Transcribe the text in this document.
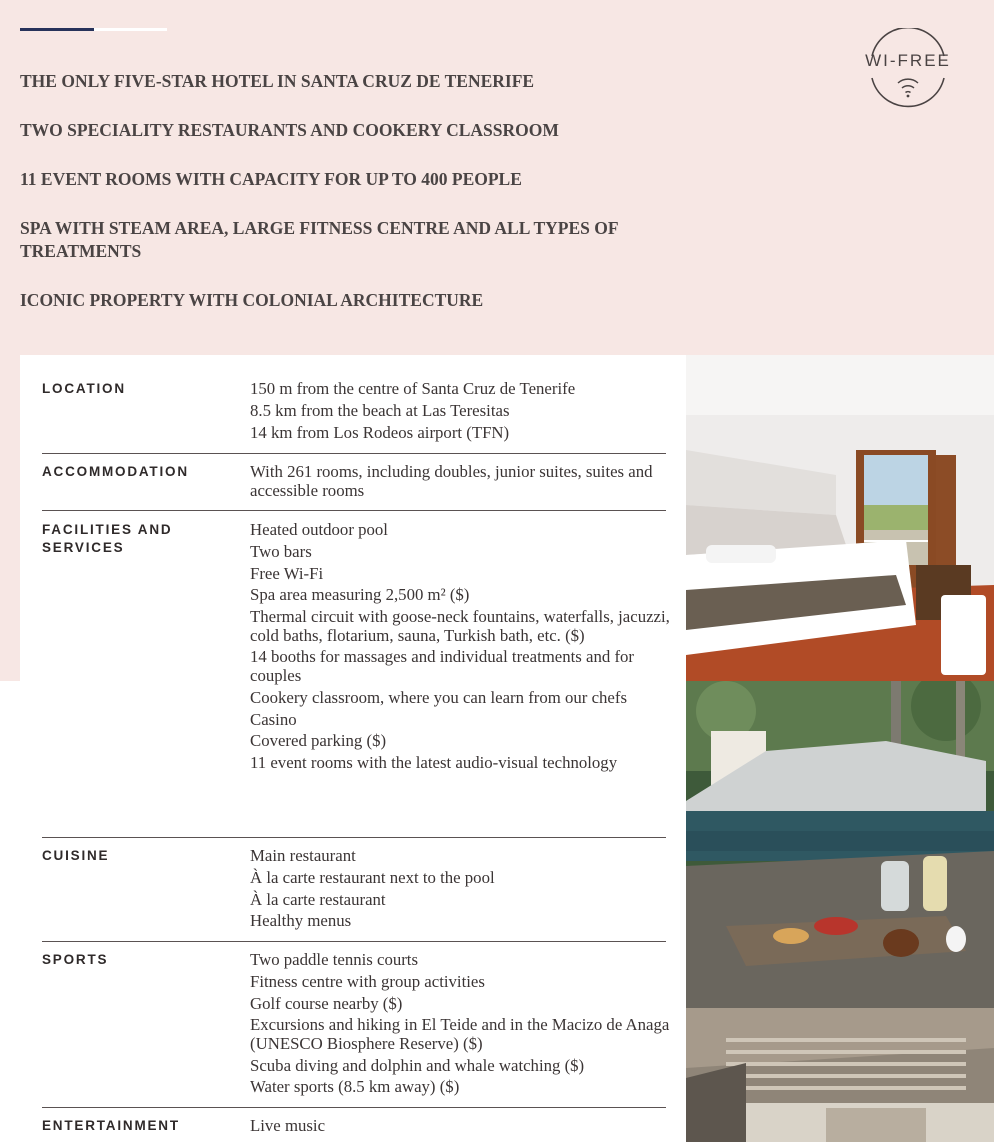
WI-FREE
THE ONLY FIVE-STAR HOTEL IN SANTA CRUZ DE TENERIFE
TWO SPECIALITY RESTAURANTS AND COOKERY CLASSROOM
11 EVENT ROOMS WITH CAPACITY FOR UP TO 400 PEOPLE
SPA WITH STEAM AREA, LARGE FITNESS CENTRE AND ALL TYPES OF TREATMENTS
ICONIC PROPERTY WITH COLONIAL ARCHITECTURE
LOCATION	150 m from the centre of Santa Cruz de Tenerife
8.5 km from the beach at Las Teresitas
14 km from Los Rodeos airport (TFN)
ACCOMMODATION	With 261 rooms, including doubles, junior suites, suites and accessible rooms
FACILITIES AND SERVICES
Heated outdoor pool
Two bars
Free Wi-Fi
Spa area measuring 2,500 m² ($)
Thermal circuit with goose-neck fountains, waterfalls, jacuzzi, cold baths, flotarium, sauna, Turkish bath, etc. ($)
14 booths for massages and individual treatments and for couples
Cookery classroom, where you can learn from our chefs
Casino
Covered parking ($)
11 event rooms with the latest audio-visual technology
CUISINE	Main restaurant
À la carte restaurant next to the pool
À la carte restaurant
Healthy menus
SPORTS	Two paddle tennis courts
Fitness centre with group activities
Golf course nearby ($)
Excursions and hiking in El Teide and in the Macizo de Anaga (UNESCO Biosphere Reserve) ($)
Scuba diving and dolphin and whale watching ($)
Water sports (8.5 km away) ($)
ENTERTAINMENT	Live music
